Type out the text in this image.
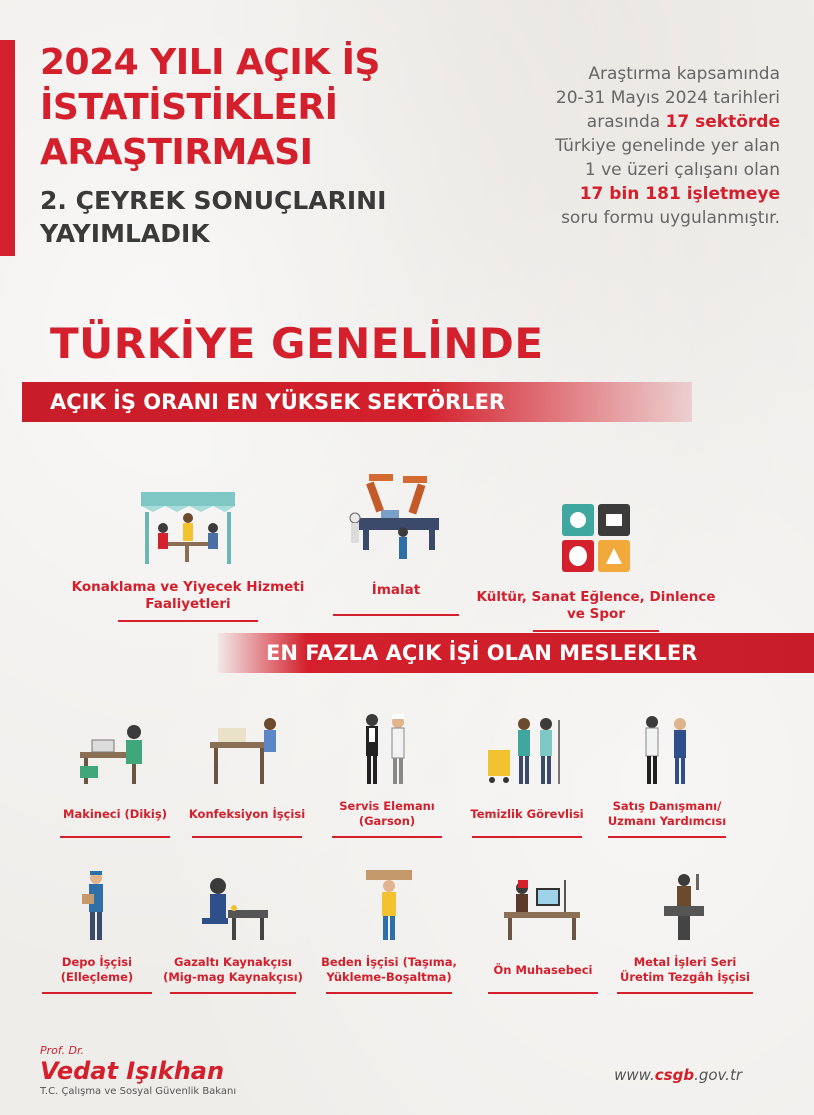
2024 YILI AÇIK İŞ İSTATİSTİKLERİ ARAŞTIRMASI
2. ÇEYREK SONUÇLARINI YAYIMLADIK
Araştırma kapsamında
20-31 Mayıs 2024 tarihleri
arasında 17 sektörde
Türkiye genelinde yer alan
1 ve üzeri çalışanı olan
17 bin 181 işletmeye
soru formu uygulanmıştır.
TÜRKİYE GENELİNDE
AÇIK İŞ ORANI EN YÜKSEK SEKTÖRLER
Konaklama ve Yiyecek Hizmeti Faaliyetleri
İmalat	Kültür, Sanat Eğlence, Dinlence ve Spor
EN FAZLA AÇIK İŞİ OLAN MESLEKLER
Makineci (Dikiş)	Konfeksiyon İşçisi
Servis Elemanı
(Garson)
Temizlik Görevlisi
Satış Danışmanı/
Uzmanı Yardımcısı
Depo İşçisi
(Elleçleme)
Gazaltı Kaynakçısı
(Mig-mag Kaynakçısı)
Beden İşçisi (Taşıma,
Yükleme-Boşaltma)
Ön Muhasebeci
Metal İşleri Seri
Üretim Tezgâh İşçisi
Prof. Dr.
Vedat Işıkhan
T.C. Çalışma ve Sosyal Güvenlik Bakanı
www.csgb.gov.tr
